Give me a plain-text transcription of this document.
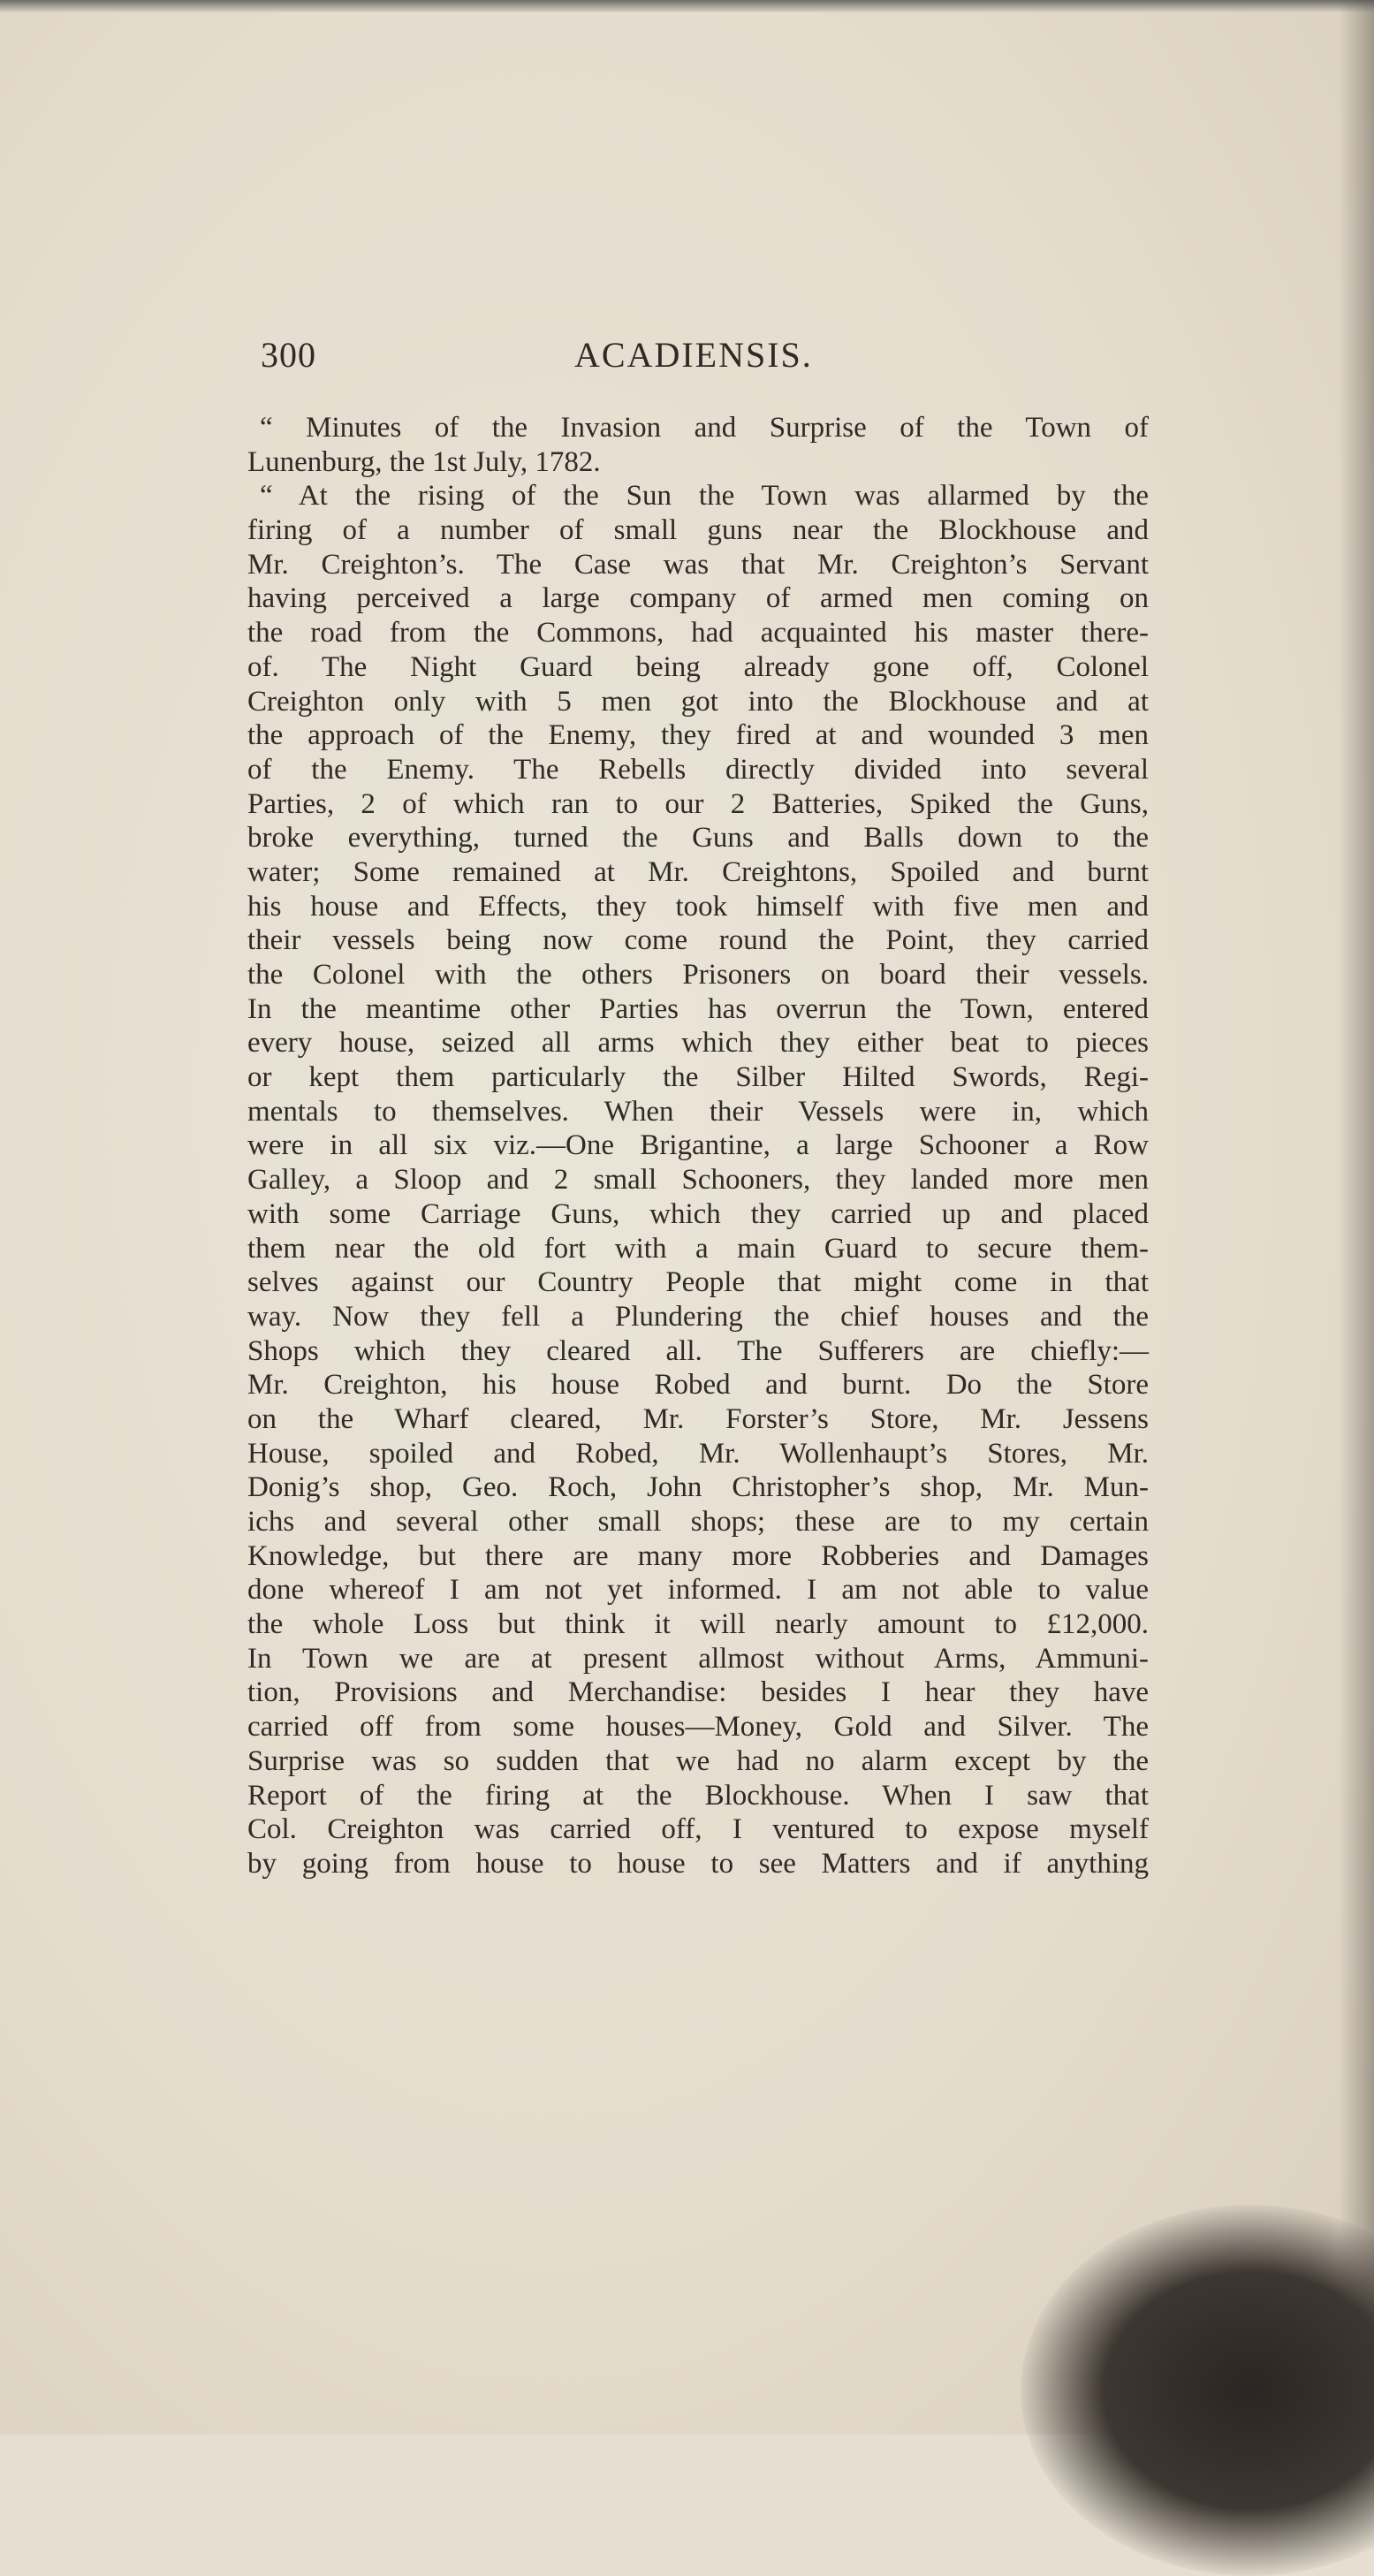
300	ACADIENSIS.
“ Minutes of the Invasion and Surprise of the Town of
Lunenburg, the 1st July, 1782.
“ At the rising of the Sun the Town was allarmed by the
firing of a number of small guns near the Blockhouse and
Mr. Creighton’s. The Case was that Mr. Creighton’s Servant
having perceived a large company of armed men coming on
the road from the Commons, had acquainted his master there-
of. The Night Guard being already gone off, Colonel
Creighton only with 5 men got into the Blockhouse and at
the approach of the Enemy, they fired at and wounded 3 men
of the Enemy. The Rebells directly divided into several
Parties, 2 of which ran to our 2 Batteries, Spiked the Guns,
broke everything, turned the Guns and Balls down to the
water; Some remained at Mr. Creightons, Spoiled and burnt
his house and Effects, they took himself with five men and
their vessels being now come round the Point, they carried
the Colonel with the others Prisoners on board their vessels.
In the meantime other Parties has overrun the Town, entered
every house, seized all arms which they either beat to pieces
or kept them particularly the Silber Hilted Swords, Regi-
mentals to themselves. When their Vessels were in, which
were in all six viz.—One Brigantine, a large Schooner a Row
Galley, a Sloop and 2 small Schooners, they landed more men
with some Carriage Guns, which they carried up and placed
them near the old fort with a main Guard to secure them-
selves against our Country People that might come in that
way. Now they fell a Plundering the chief houses and the
Shops which they cleared all. The Sufferers are chiefly:—
Mr. Creighton, his house Robed and burnt. Do the Store
on the Wharf cleared, Mr. Forster’s Store, Mr. Jessens
House, spoiled and Robed, Mr. Wollenhaupt’s Stores, Mr.
Donig’s shop, Geo. Roch, John Christopher’s shop, Mr. Mun-
ichs and several other small shops; these are to my certain
Knowledge, but there are many more Robberies and Damages
done whereof I am not yet informed. I am not able to value
the whole Loss but think it will nearly amount to £12,000.
In Town we are at present allmost without Arms, Ammuni-
tion, Provisions and Merchandise: besides I hear they have
carried off from some houses—Money, Gold and Silver. The
Surprise was so sudden that we had no alarm except by the
Report of the firing at the Blockhouse. When I saw that
Col. Creighton was carried off, I ventured to expose myself
by going from house to house to see Matters and if anything
